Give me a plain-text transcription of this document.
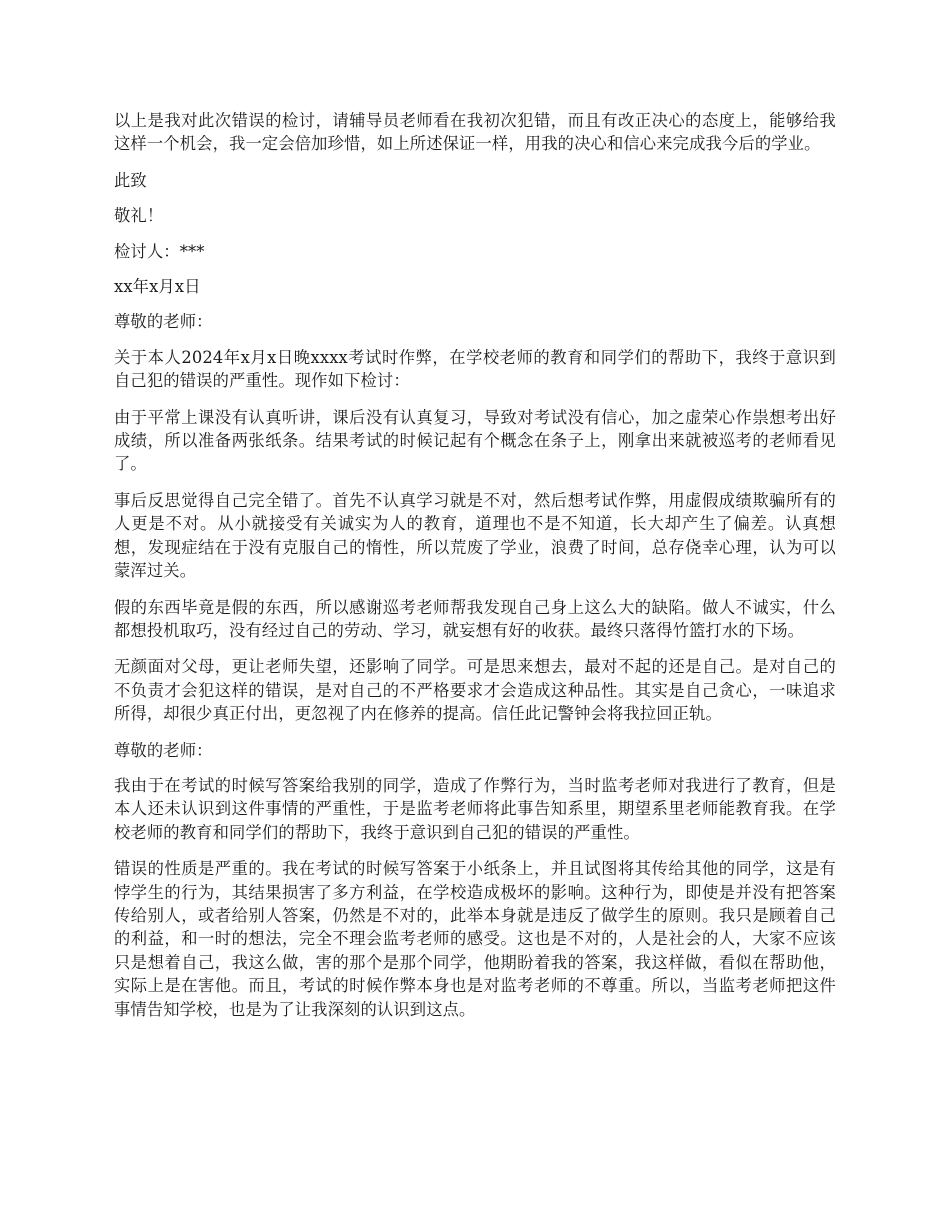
以上是我对此次错误的检讨，请辅导员老师看在我初次犯错，而且有改正决心的态度上，能够给我这样一个机会，我一定会倍加珍惜，如上所述保证一样，用我的决心和信心来完成我今后的学业。

此致

敬礼！

检讨人：***

xx年x月x日

尊敬的老师：

关于本人2024年x月x日晚xxxx考试时作弊，在学校老师的教育和同学们的帮助下，我终于意识到自己犯的错误的严重性。现作如下检讨：

由于平常上课没有认真听讲，课后没有认真复习，导致对考试没有信心，加之虚荣心作祟想考出好成绩，所以准备两张纸条。结果考试的时候记起有个概念在条子上，刚拿出来就被巡考的老师看见了。

事后反思觉得自己完全错了。首先不认真学习就是不对，然后想考试作弊，用虚假成绩欺骗所有的人更是不对。从小就接受有关诚实为人的教育，道理也不是不知道，长大却产生了偏差。认真想想，发现症结在于没有克服自己的惰性，所以荒废了学业，浪费了时间，总存侥幸心理，认为可以蒙浑过关。

假的东西毕竟是假的东西，所以感谢巡考老师帮我发现自己身上这么大的缺陷。做人不诚实，什么都想投机取巧，没有经过自己的劳动、学习，就妄想有好的收获。最终只落得竹篮打水的下场。

无颜面对父母，更让老师失望，还影响了同学。可是思来想去，最对不起的还是自己。是对自己的不负责才会犯这样的错误，是对自己的不严格要求才会造成这种品性。其实是自己贪心，一味追求所得，却很少真正付出，更忽视了内在修养的提高。信任此记警钟会将我拉回正轨。

尊敬的老师：

我由于在考试的时候写答案给我别的同学，造成了作弊行为，当时监考老师对我进行了教育，但是本人还未认识到这件事情的严重性，于是监考老师将此事告知系里，期望系里老师能教育我。在学校老师的教育和同学们的帮助下，我终于意识到自己犯的错误的严重性。

错误的性质是严重的。我在考试的时候写答案于小纸条上，并且试图将其传给其他的同学，这是有悖学生的行为，其结果损害了多方利益，在学校造成极坏的影响。这种行为，即使是并没有把答案传给别人，或者给别人答案，仍然是不对的，此举本身就是违反了做学生的原则。我只是顾着自己的利益，和一时的想法，完全不理会监考老师的感受。这也是不对的，人是社会的人，大家不应该只是想着自己，我这么做，害的那个是那个同学，他期盼着我的答案，我这样做，看似在帮助他，实际上是在害他。而且，考试的时候作弊本身也是对监考老师的不尊重。所以，当监考老师把这件事情告知学校，也是为了让我深刻的认识到这点。
